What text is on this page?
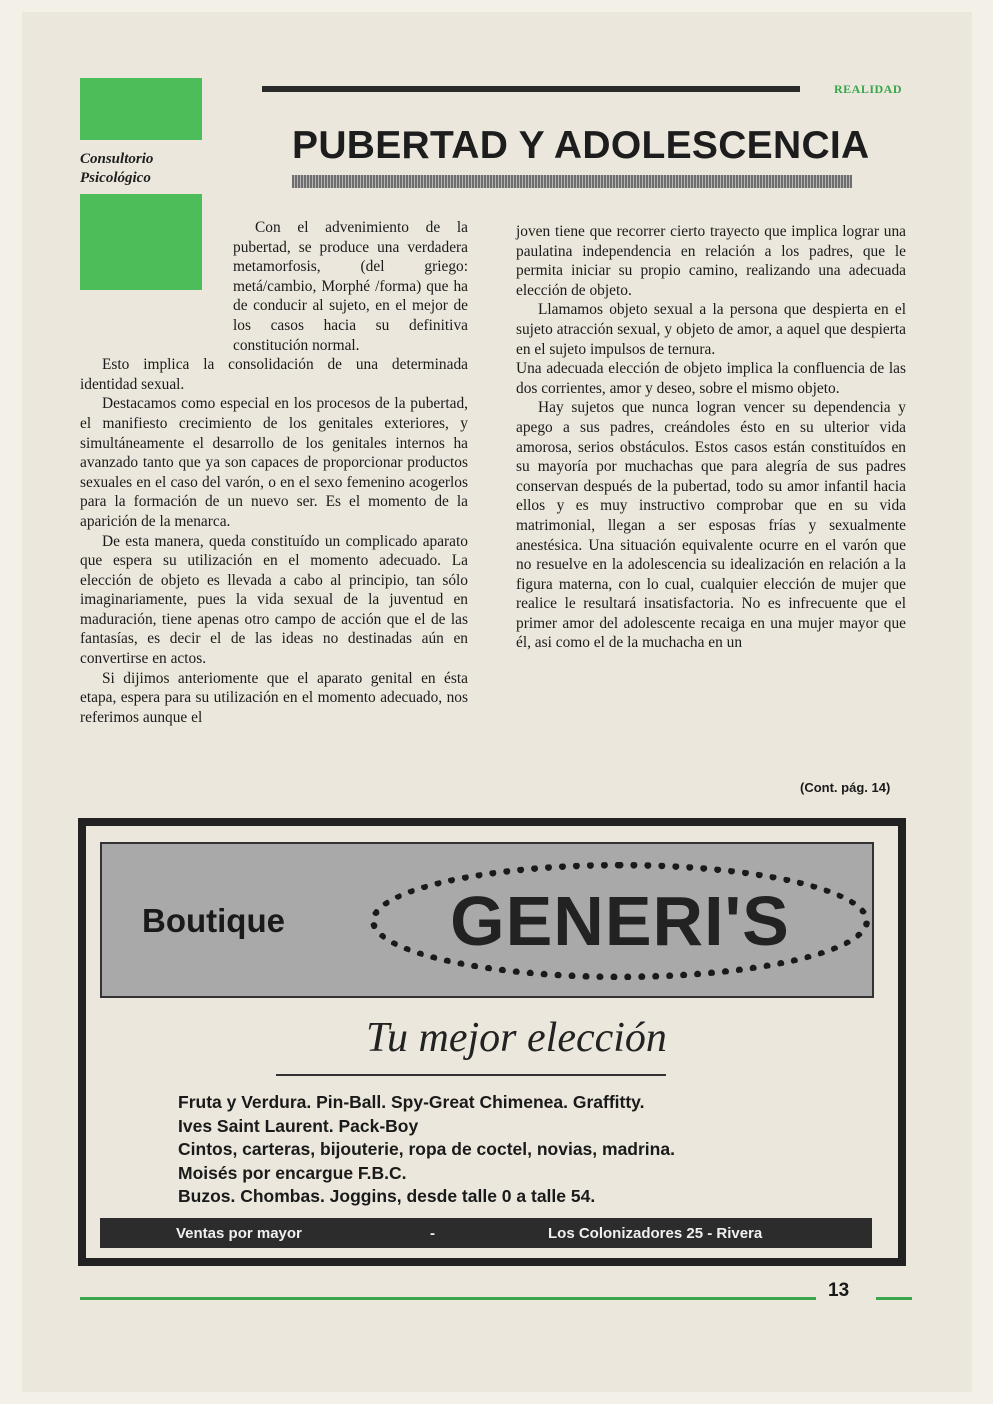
REALIDAD
Consultorio
Psicológico
PUBERTAD Y ADOLESCENCIA

Con el advenimiento de la pubertad, se produce una verdadera metamorfosis, (del griego: metá/cambio, Morphé /forma) que ha de conducir al sujeto, en el mejor de los casos hacia su definitiva constitución normal.

Esto implica la consolidación de una determinada identidad sexual.

Destacamos como especial en los procesos de la pubertad, el manifiesto crecimiento de los genitales exteriores, y simultáneamente el desarrollo de los genitales internos ha avanzado tanto que ya son capaces de proporcionar productos sexuales en el caso del varón, o en el sexo femenino acogerlos para la formación de un nuevo ser. Es el momento de la aparición de la menarca.

De esta manera, queda constituído un complicado aparato que espera su utilización en el momento adecuado. La elección de objeto es llevada a cabo al principio, tan sólo imaginariamente, pues la vida sexual de la juventud en maduración, tiene apenas otro campo de acción que el de las fantasías, es decir el de las ideas no destinadas aún en convertirse en actos.

Si dijimos anteriomente que el aparato genital en ésta etapa, espera para su utilización en el momento adecuado, nos referimos aunque el

joven tiene que recorrer cierto trayecto que implica lograr una paulatina independencia en relación a los padres, que le permita iniciar su propio camino, realizando una adecuada elección de objeto.

Llamamos objeto sexual a la persona que despierta en el sujeto atracción sexual, y objeto de amor, a aquel que despierta en el sujeto impulsos de ternura.

Una adecuada elección de objeto implica la confluencia de las dos corrientes, amor y deseo, sobre el mismo objeto.

Hay sujetos que nunca logran vencer su dependencia y apego a sus padres, creándoles ésto en su ulterior vida amorosa, serios obstáculos. Estos casos están constituídos en su mayoría por muchachas que para alegría de sus padres conservan después de la pubertad, todo su amor infantil hacia ellos y es muy instructivo comprobar que en su vida matrimonial, llegan a ser esposas frías y sexualmente anestésica. Una situación equivalente ocurre en el varón que no resuelve en la adolescencia su idealización en relación a la figura materna, con lo cual, cualquier elección de mujer que realice le resultará insatisfactoria. No es infrecuente que el primer amor del adolescente recaiga en una mujer mayor que él, asi como el de la muchacha en un

(Cont. pág. 14)
Boutique GENERI'S
Tu mejor elección
Fruta y Verdura. Pin-Ball. Spy-Great Chimenea. Graffitty.
Ives Saint Laurent. Pack-Boy
Cintos, carteras, bijouterie, ropa de coctel, novias, madrina.
Moisés por encargue F.B.C.
Buzos. Chombas. Joggins, desde talle 0 a talle 54.
Ventas por mayor	-	Los Colonizadores 25 - Rivera
13
